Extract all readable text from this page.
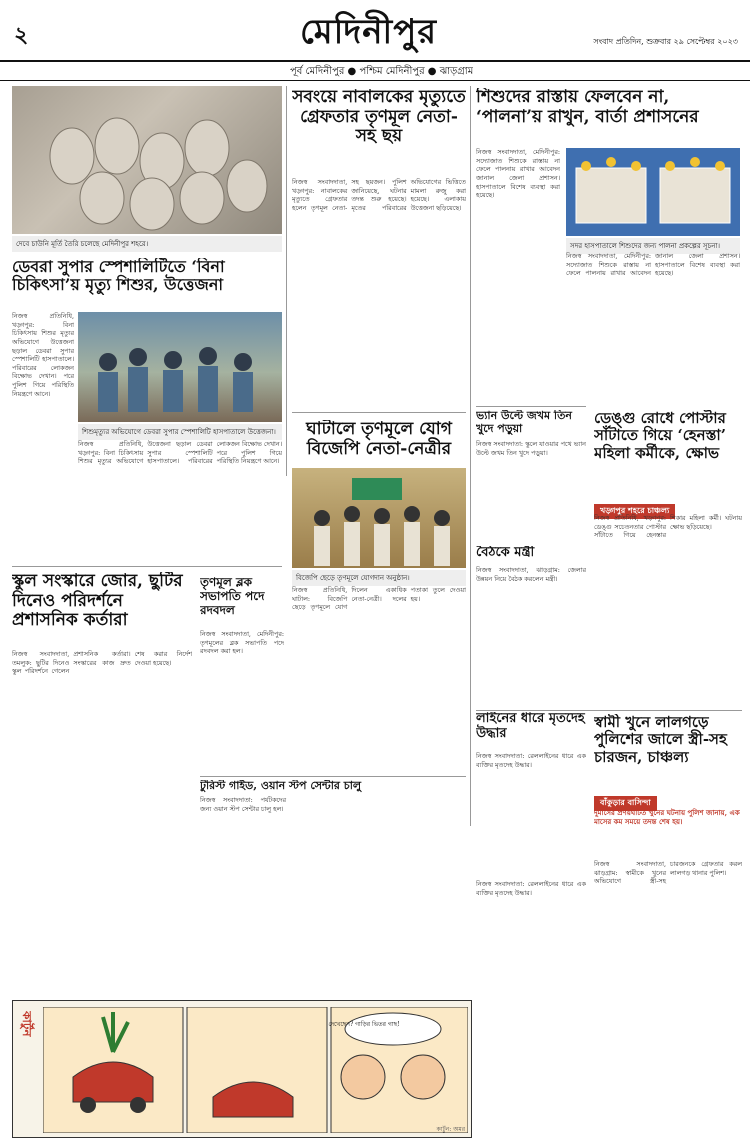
২	মেদিনীপুর	সংবাদ প্রতিদিন, শুক্রবার ২৯ সেপ্টেম্বর ২০২৩
পূর্ব মেদিনীপুর ● পশ্চিম মেদিনীপুর ● ঝাড়গ্রাম
দেবে চাউনি মূর্তি তৈরি চলেছে মেদিনীপুর শহরে।
সবংয়ে নাবালকের মৃত্যুতে গ্রেফতার তৃণমূল নেতা-সহ ছয়
নিজস্ব সংবাদদাতা, খড়্গপুর: নাবালকের মৃত্যুতে গ্রেফতার হলেন তৃণমূল নেতা-সহ ছয়জন। পুলিশ জানিয়েছে, ঘটনার তদন্ত শুরু হয়েছে। মৃতের পরিবারের অভিযোগের ভিত্তিতে মামলা রুজু করা হয়েছে। এলাকায় উত্তেজনা ছড়িয়েছে।
শিশুদের রাস্তায় ফেলবেন না, ‘পালনা’য় রাখুন, বার্তা প্রশাসনের
নিজস্ব সংবাদদাতা, মেদিনীপুর: সদ্যোজাত শিশুকে রাস্তায় না ফেলে পালনায় রাখার আবেদন জানাল জেলা প্রশাসন। হাসপাতালে বিশেষ ব্যবস্থা করা হয়েছে।
সদর হাসপাতালে শিশুদের জন্য পালনা প্রকল্পের সূচনা।
নিজস্ব সংবাদদাতা, মেদিনীপুর: সদ্যোজাত শিশুকে রাস্তায় না ফেলে পালনায় রাখার আবেদন জানাল জেলা প্রশাসন। হাসপাতালে বিশেষ ব্যবস্থা করা হয়েছে।
ডেবরা সুপার স্পেশালিটিতে ‘বিনা চিকিৎসা’য় মৃত্যু শিশুর, উত্তেজনা
নিজস্ব প্রতিনিধি, খড়্গপুর: বিনা চিকিৎসায় শিশুর মৃত্যুর অভিযোগে উত্তেজনা ছড়াল ডেবরা সুপার স্পেশালিটি হাসপাতালে। পরিবারের লোকজন বিক্ষোভ দেখান। পরে পুলিশ গিয়ে পরিস্থিতি নিয়ন্ত্রণে আনে।
শিশুমৃত্যুর অভিযোগে ডেবরা সুপার স্পেশালিটি হাসপাতালে উত্তেজনা।
নিজস্ব প্রতিনিধি, খড়্গপুর: বিনা চিকিৎসায় শিশুর মৃত্যুর অভিযোগে উত্তেজনা ছড়াল ডেবরা সুপার স্পেশালিটি হাসপাতালে। পরিবারের লোকজন বিক্ষোভ দেখান। পরে পুলিশ গিয়ে পরিস্থিতি নিয়ন্ত্রণে আনে।
ঘাটালে তৃণমূলে যোগ বিজেপি নেতা-নেত্রীর
বিজেপি ছেড়ে তৃণমূলে যোগদান অনুষ্ঠান।
নিজস্ব প্রতিনিধি, ঘাটাল: বিজেপি ছেড়ে তৃণমূলে যোগ দিলেন একাধিক নেতা-নেত্রী। দলের পতাকা তুলে দেওয়া হয়।
ভ্যান উল্টে জখম তিন খুদে পড়ুয়া
নিজস্ব সংবাদদাতা: স্কুলে যাওয়ার পথে ভ্যান উল্টে জখম তিন খুদে পড়ুয়া।
বৈঠকে মন্ত্রী
নিজস্ব সংবাদদাতা, ঝাড়গ্রাম: জেলার উন্নয়ন নিয়ে বৈঠক করলেন মন্ত্রী।
ডেঙ্গু রোধে পোস্টার সাঁটাতে গিয়ে ‘হেনস্তা’ মহিলা কর্মীকে, ক্ষোভ
খড়্গপুর শহরে চাঞ্চল্য
নিজস্ব প্রতিনিধি, খড়্গপুর: ডেঙ্গু সচেতনতার পোস্টার সাঁটাতে গিয়ে হেনস্তার শিকার মহিলা কর্মী। ঘটনায় ক্ষোভ ছড়িয়েছে।
স্কুল সংস্কারে জোর, ছুটির দিনেও পরিদর্শনে প্রশাসনিক কর্তারা
নিজস্ব সংবাদদাতা, তমলুক: ছুটির দিনেও স্কুল পরিদর্শনে গেলেন প্রশাসনিক কর্তারা। সংস্কারের কাজ দ্রুত শেষ করার নির্দেশ দেওয়া হয়েছে।
তৃণমূল ব্লক সভাপতি পদে রদবদল
নিজস্ব সংবাদদাতা, মেদিনীপুর: তৃণমূলের ব্লক সভাপতি পদে রদবদল করা হল।
টুরিস্ট গাইড, ওয়ান স্টপ সেন্টার চালু
নিজস্ব সংবাদদাতা: পর্যটকদের জন্য ওয়ান স্টপ সেন্টার চালু হল।
লাইনের ধারে মৃতদেহ উদ্ধার
নিজস্ব সংবাদদাতা: রেললাইনের ধারে এক ব্যক্তির মৃতদেহ উদ্ধার।
স্বামী খুনে লালগড়ে পুলিশের জালে স্ত্রী-সহ চারজন, চাঞ্চল্য
বাঁকুড়ার বাসিন্দা
দুমাসের প্রণয়ঘটিত খুনের ঘটনায় পুলিশ জানায়, এক মাসের কম সময়ে তদন্ত শেষ হয়।
নিজস্ব সংবাদদাতা, ঝাড়গ্রাম: স্বামীকে খুনের অভিযোগে স্ত্রী-সহ চারজনকে গ্রেফতার করল লালগড় থানার পুলিশ।
নিজস্ব সংবাদদাতা: রেললাইনের ধারে এক ব্যক্তির মৃতদেহ উদ্ধার।
কার্টুন	দেখেছেন? গাড়ির ভিতর গাছ!
কার্টুন: অমর
